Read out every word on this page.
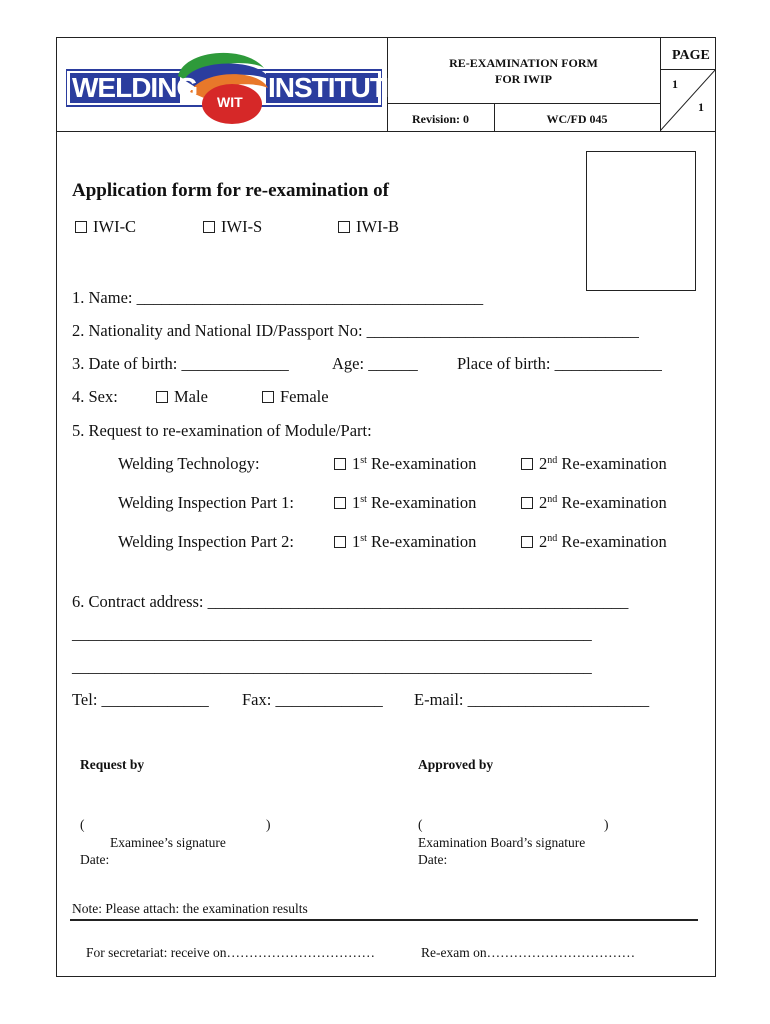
WELDING	INSTITUTE
WIT
RE-EXAMINATION FORM
FOR IWIP
Revision: 0	WC/FD 045
PAGE
1
1
Application form for re-examination of
IWI-C	IWI-S	IWI-B
1. Name: __________________________________________
2. Nationality and National ID/Passport No: _________________________________
3. Date of birth: _____________	Age: ______ Place of birth: _____________
4. Sex:	Male	Female
5. Request to re-examination of Module/Part:
Welding Technology:	1st Re-examination	2nd Re-examination
Welding Inspection Part 1:	1st Re-examination	2nd Re-examination
Welding Inspection Part 2:	1st Re-examination	2nd Re-examination
6. Contract address: ___________________________________________________
_______________________________________________________________
_______________________________________________________________
Tel: _____________ Fax: _____________ E-mail: ______________________
Request by	Approved by
(	)
Examinee’s signature
Date:
(	)
Examination Board’s signature
Date:
Note: Please attach: the examination results
For secretariat: receive on……………………………	Re-exam on……………………………
